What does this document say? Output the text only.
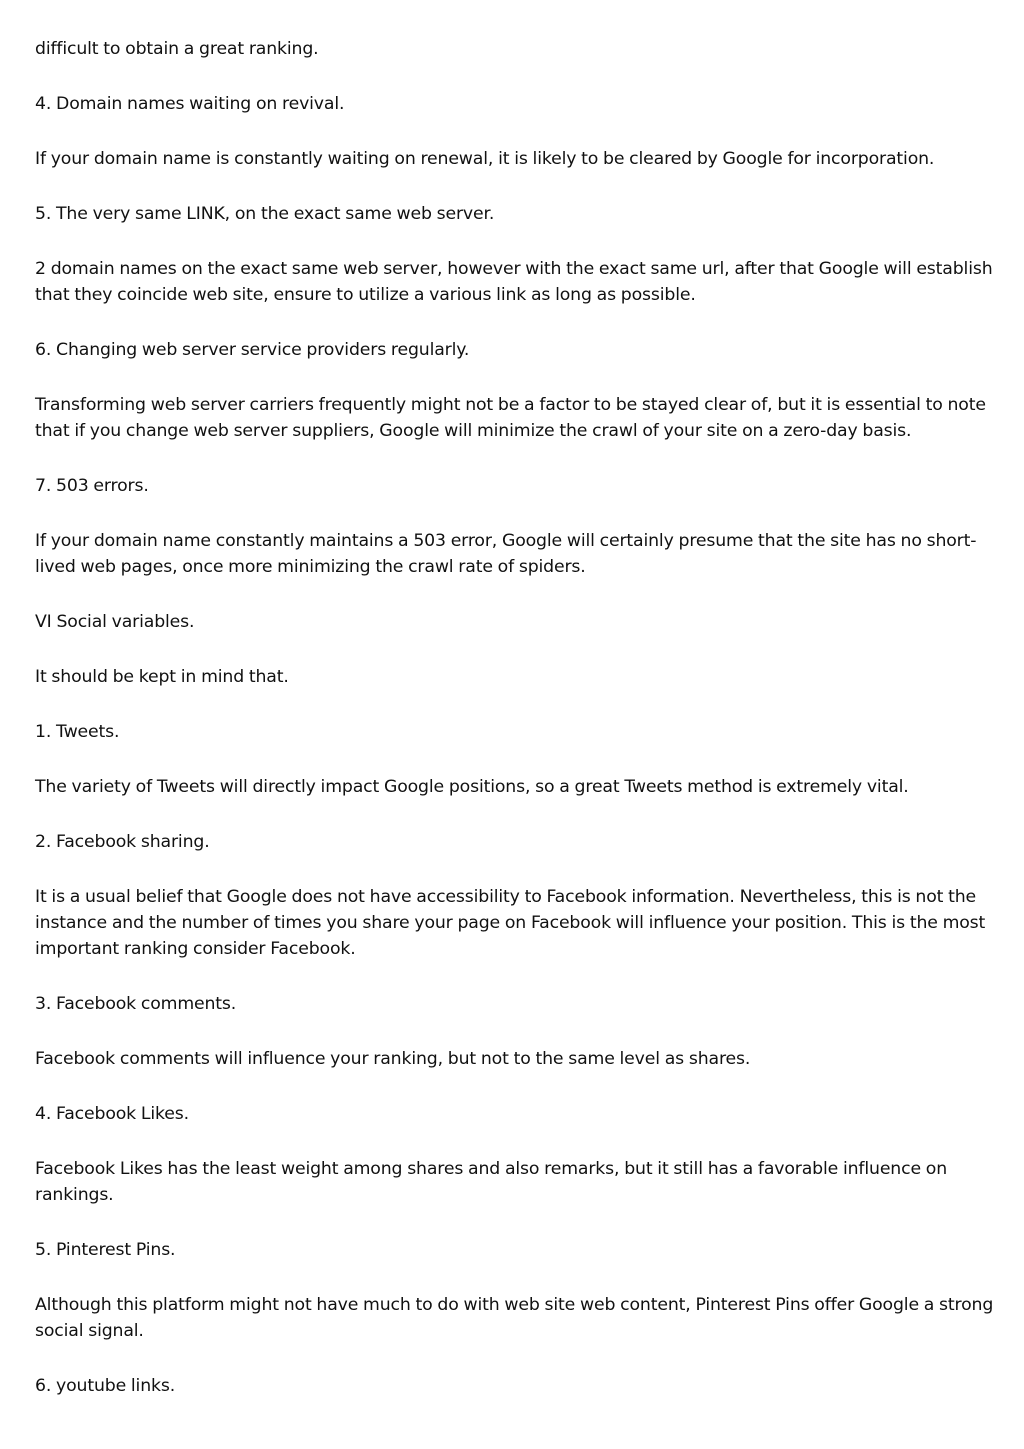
difficult to obtain a great ranking.

4. Domain names waiting on revival.

If your domain name is constantly waiting on renewal, it is likely to be cleared by Google for incorporation.

5. The very same LINK, on the exact same web server.

2 domain names on the exact same web server, however with the exact same url, after that Google will establish that they coincide web site, ensure to utilize a various link as long as possible.

6. Changing web server service providers regularly.

Transforming web server carriers frequently might not be a factor to be stayed clear of, but it is essential to note that if you change web server suppliers, Google will minimize the crawl of your site on a zero-day basis.

7. 503 errors.

If your domain name constantly maintains a 503 error, Google will certainly presume that the site has no short-lived web pages, once more minimizing the crawl rate of spiders.

VI Social variables.

It should be kept in mind that.

1. Tweets.

The variety of Tweets will directly impact Google positions, so a great Tweets method is extremely vital.

2. Facebook sharing.

It is a usual belief that Google does not have accessibility to Facebook information. Nevertheless, this is not the instance and the number of times you share your page on Facebook will influence your position. This is the most important ranking consider Facebook.

3. Facebook comments.

Facebook comments will influence your ranking, but not to the same level as shares.

4. Facebook Likes.

Facebook Likes has the least weight among shares and also remarks, but it still has a favorable influence on rankings.

5. Pinterest Pins.

Although this platform might not have much to do with web site web content, Pinterest Pins offer Google a strong social signal.

6. youtube links.
